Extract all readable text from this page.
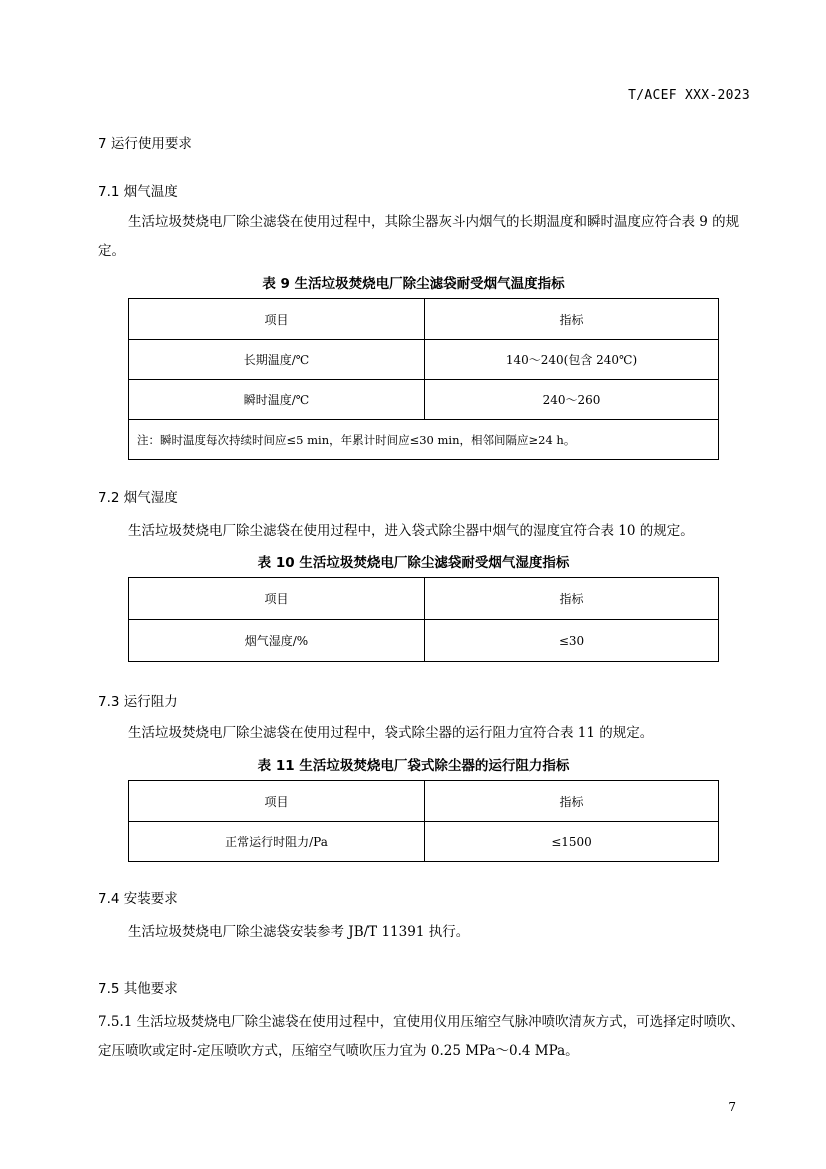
T/ACEF XXX-2023
7 运行使用要求
7.1 烟气温度
生活垃圾焚烧电厂除尘滤袋在使用过程中，其除尘器灰斗内烟气的长期温度和瞬时温度应符合表 9 的规定。
表 9 生活垃圾焚烧电厂除尘滤袋耐受烟气温度指标
项目	指标
长期温度/℃	140～240(包含 240℃)
瞬时温度/℃	240～260
注：瞬时温度每次持续时间应≤5 min，年累计时间应≤30 min，相邻间隔应≥24 h。	
7.2 烟气湿度
生活垃圾焚烧电厂除尘滤袋在使用过程中，进入袋式除尘器中烟气的湿度宜符合表 10 的规定。
表 10 生活垃圾焚烧电厂除尘滤袋耐受烟气湿度指标
项目	指标
烟气湿度/%	≤30
7.3 运行阻力
生活垃圾焚烧电厂除尘滤袋在使用过程中，袋式除尘器的运行阻力宜符合表 11 的规定。
表 11 生活垃圾焚烧电厂袋式除尘器的运行阻力指标
项目	指标
正常运行时阻力/Pa	≤1500
7.4 安装要求
生活垃圾焚烧电厂除尘滤袋安装参考 JB/T 11391 执行。
7.5 其他要求
7.5.1 生活垃圾焚烧电厂除尘滤袋在使用过程中，宜使用仪用压缩空气脉冲喷吹清灰方式，可选择定时喷吹、定压喷吹或定时-定压喷吹方式，压缩空气喷吹压力宜为 0.25 MPa～0.4 MPa。
7
